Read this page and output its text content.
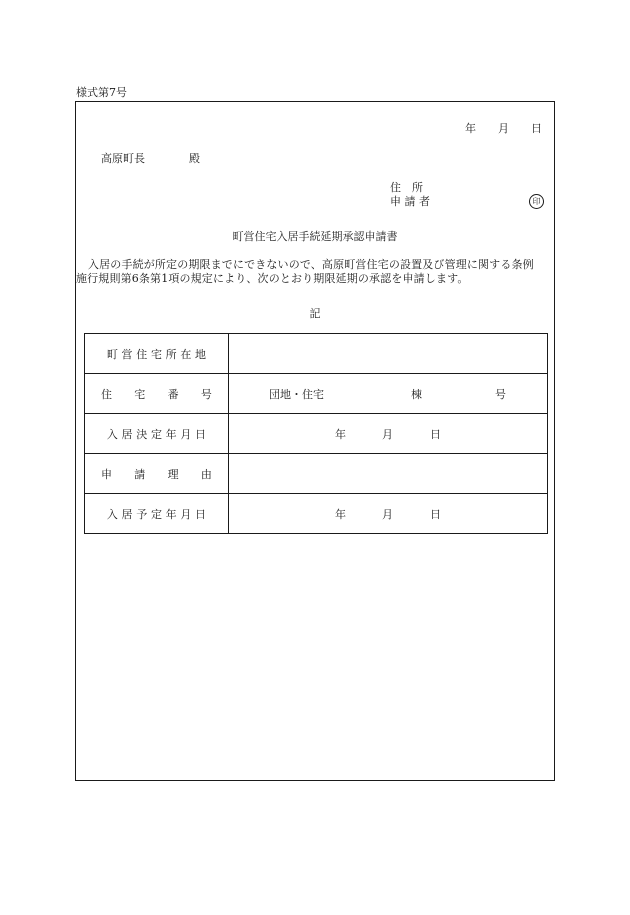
様式第7号
年 月 日
高原町長	殿
住　所
申 請 者	印
町営住宅入居手続延期承認申請書
入居の手続が所定の期限までにできないので、高原町営住宅の設置及び管理に関する条例
施行規則第6条第1項の規定により、次のとおり期限延期の承認を申請します。
記
町 営 住 宅 所 在 地	
住　　宅　　番　　号	団地・住宅 棟 号

入 居 決 定 年 月 日	年 月 日

申　　請　　理　　由	
入 居 予 定 年 月 日	年 月 日
